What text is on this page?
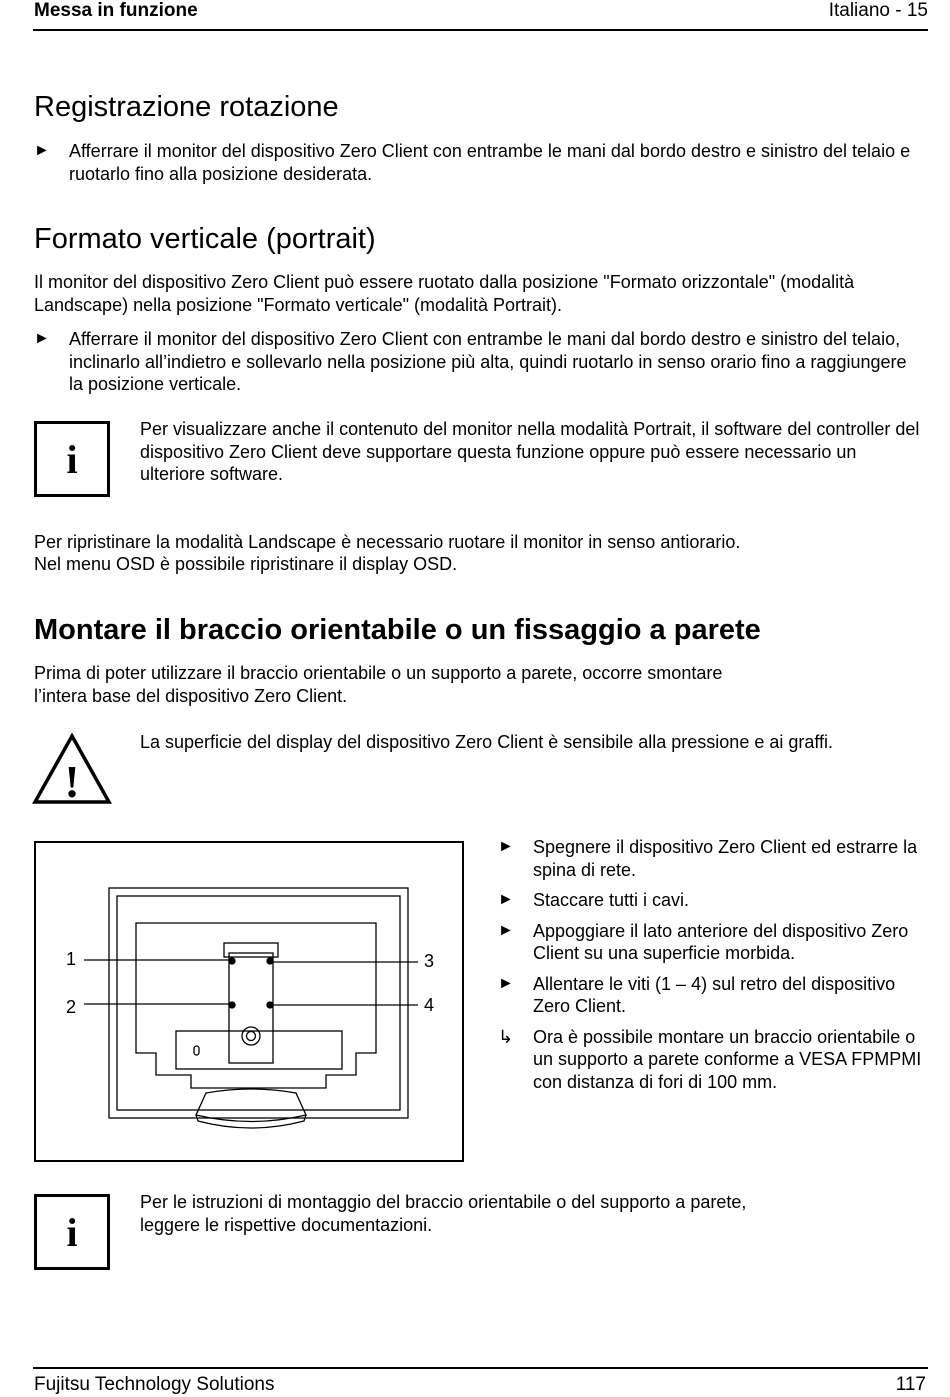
Messa in funzione	Italiano - 15
Registrazione rotazione
► Afferrare il monitor del dispositivo Zero Client con entrambe le mani dal bordo destro e sinistro del telaio e ruotarlo fino alla posizione desiderata.
Formato verticale (portrait)
Il monitor del dispositivo Zero Client può essere ruotato dalla posizione "Formato orizzontale" (modalità Landscape) nella posizione "Formato verticale" (modalità Portrait).
► Afferrare il monitor del dispositivo Zero Client con entrambe le mani dal bordo destro e sinistro del telaio, inclinarlo all’indietro e sollevarlo nella posizione più alta, quindi ruotarlo in senso orario fino a raggiungere la posizione verticale.
i
Per visualizzare anche il contenuto del monitor nella modalità Portrait, il software del controller del dispositivo Zero Client deve supportare questa funzione oppure può essere necessario un ulteriore software.
Per ripristinare la modalità Landscape è necessario ruotare il monitor in senso antiorario.
Nel menu OSD è possibile ripristinare il display OSD.
Montare il braccio orientabile o un fissaggio a parete
Prima di poter utilizzare il braccio orientabile o un supporto a parete, occorre smontare l’intera base del dispositivo Zero Client.
!
La superficie del display del dispositivo Zero Client è sensibile alla pressione e ai graffi.
1
2
3
4
► Spegnere il dispositivo Zero Client ed estrarre la spina di rete.
► Staccare tutti i cavi.
► Appoggiare il lato anteriore del dispositivo Zero Client su una superficie morbida.
► Allentare le viti (1 – 4) sul retro del dispositivo Zero Client.
↳ Ora è possibile montare un braccio orientabile o un supporto a parete conforme a VESA FPMPMI con distanza di fori di 100 mm.
i
Per le istruzioni di montaggio del braccio orientabile o del supporto a parete, leggere le rispettive documentazioni.
Fujitsu Technology Solutions	117
